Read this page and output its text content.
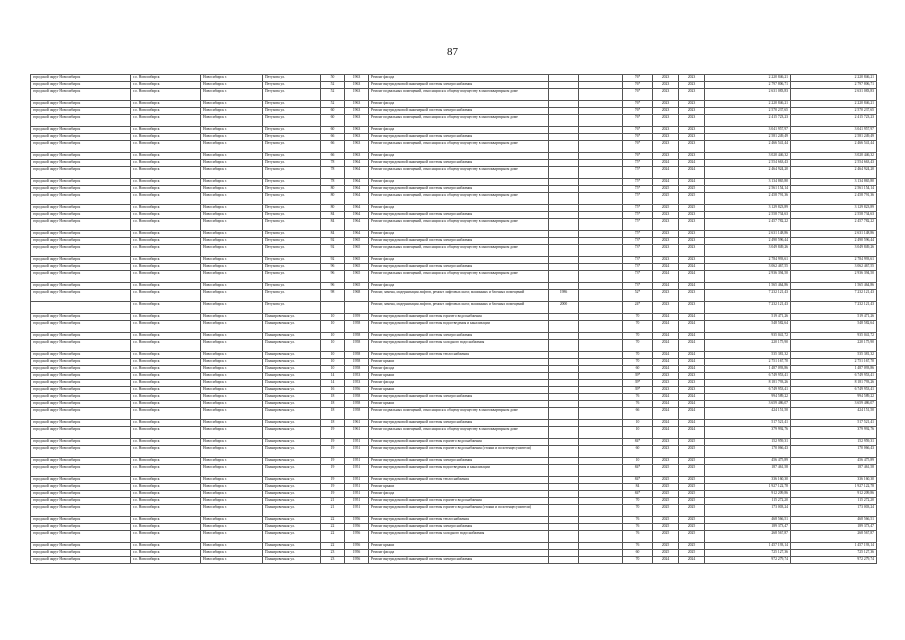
87
городской округ Новосибирск	г.о. Новосибирск	Новосибирск г.	Петухова ул.	50	1963	Ремонт фасада			76*	2023	2023	2 220 846,21	2 220 846,21
городской округ Новосибирск	г.о. Новосибирск	Новосибирск г.	Петухова ул.	52	1963	Ремонт внутридомовой инженерной системы электроснабжения			76*	2023	2023	2 797 806,71	2 797 806,71
городской округ Новосибирск	г.о. Новосибирск	Новосибирск г.	Петухова ул.	52	1963	Ремонт подвальных помещений, относящихся к общему имуществу в многоквартирном доме			76*	2023	2023	2 631 083,83	2 631 083,83
городской округ Новосибирск	г.о. Новосибирск	Новосибирск г.	Петухова ул.	52	1963	Ремонт фасада			76*	2023	2023	2 220 846,21	2 220 846,21
городской округ Новосибирск	г.о. Новосибирск	Новосибирск г.	Петухова ул.	60	1963	Ремонт внутридомовой инженерной системы электроснабжения			76*	2023	2023	2 570 237,65	2 570 237,65
городской округ Новосибирск	г.о. Новосибирск	Новосибирск г.	Петухова ул.	60	1963	Ремонт подвальных помещений, относящихся к общему имуществу в многоквартирном доме			76*	2023	2023	2 415 723,23	2 415 723,23
городской округ Новосибирск	г.о. Новосибирск	Новосибирск г.	Петухова ул.	60	1963	Ремонт фасада			76*	2023	2023	3 041 957,97	3 041 957,97
городской округ Новосибирск	г.о. Новосибирск	Новосибирск г.	Петухова ул.	66	1963	Ремонт внутридомовой инженерной системы электроснабжения			76*	2023	2023	2 581 249,49	2 581 249,49
городской округ Новосибирск	г.о. Новосибирск	Новосибирск г.	Петухова ул.	66	1963	Ремонт подвальных помещений, относящихся к общему имуществу в многоквартирном доме			76*	2023	2023	2 466 541,44	2 466 541,44
городской округ Новосибирск	г.о. Новосибирск	Новосибирск г.	Петухова ул.	66	1963	Ремонт фасада			76*	2023	2023	3 020 446,32	3 020 446,32
городской округ Новосибирск	г.о. Новосибирск	Новосибирск г.	Петухова ул.	78	1964	Ремонт внутридомовой инженерной системы электроснабжения			75*	2024	2024	2 554 663,43	2 554 663,43
городской округ Новосибирск	г.о. Новосибирск	Новосибирск г.	Петухова ул.	78	1964	Ремонт подвальных помещений, относящихся к общему имуществу в многоквартирном доме			75*	2024	2024	2 464 924,20	2 464 924,20
городской округ Новосибирск	г.о. Новосибирск	Новосибирск г.	Петухова ул.	78	1964	Ремонт фасада			75*	2024	2024	3 134 865,80	3 134 865,80
городской округ Новосибирск	г.о. Новосибирск	Новосибирск г.	Петухова ул.	80	1964	Ремонт внутридомовой инженерной системы электроснабжения			75*	2025	2025	2 561 154,14	2 561 154,14
городской округ Новосибирск	г.о. Новосибирск	Новосибирск г.	Петухова ул.	80	1964	Ремонт подвальных помещений, относящихся к общему имуществу в многоквартирном доме			75*	2025	2025	2 458 791,36	2 458 791,36
городской округ Новосибирск	г.о. Новосибирск	Новосибирск г.	Петухова ул.	80	1964	Ремонт фасада			75*	2025	2025	3 129 823,89	3 129 823,89
городской округ Новосибирск	г.о. Новосибирск	Новосибирск г.	Петухова ул.	84	1964	Ремонт внутридомовой инженерной системы электроснабжения			75*	2023	2023	2 558 734,63	2 558 734,63
городской округ Новосибирск	г.о. Новосибирск	Новосибирск г.	Петухова ул.	84	1964	Ремонт подвальных помещений, относящихся к общему имуществу в многоквартирном доме			75*	2023	2023	2 457 782,22	2 457 782,22
городской округ Новосибирск	г.о. Новосибирск	Новосибирск г.	Петухова ул.	84	1964	Ремонт фасада			75*	2023	2023	2 631 148,86	2 631 148,86
городской округ Новосибирск	г.о. Новосибирск	Новосибирск г.	Петухова ул.	92	1965	Ремонт внутридомовой инженерной системы электроснабжения			73*	2023	2023	2 490 596,44	2 490 596,44
городской округ Новосибирск	г.о. Новосибирск	Новосибирск г.	Петухова ул.	92	1965	Ремонт подвальных помещений, относящихся к общему имуществу в многоквартирном доме			73*	2023	2023	3 049 849,26	3 049 849,26
городской округ Новосибирск	г.о. Новосибирск	Новосибирск г.	Петухова ул.	92	1965	Ремонт фасада			73*	2023	2023	2 784 993,61	2 784 993,61
городской округ Новосибирск	г.о. Новосибирск	Новосибирск г.	Петухова ул.	96	1965	Ремонт внутридомовой инженерной системы электроснабжения			73*	2024	2024	3 062 467,55	3 062 467,55
городской округ Новосибирск	г.о. Новосибирск	Новосибирск г.	Петухова ул.	96	1965	Ремонт подвальных помещений, относящихся к общему имуществу в многоквартирном доме			73*	2024	2024	2 936 394,50	2 936 394,50
городской округ Новосибирск	г.о. Новосибирск	Новосибирск г.	Петухова ул.	96	1965	Ремонт фасада			73*	2024	2024	1 565 464,86	1 565 464,86
городской округ Новосибирск	г.о. Новосибирск	Новосибирск г.	Петухова ул.	98	1968	Ремонт, замена, модернизация лифтов, ремонт лифтовых шахт, машинных и блочных помещений	1986		52*	2023	2023	7 232 121,43	7 232 121,43
	г.о. Новосибирск	Новосибирск г.	Петухова ул.			Ремонт, замена, модернизация лифтов, ремонт лифтовых шахт, машинных и блочных помещений	2000		24*	2023	2023	7 232 121,43	7 232 121,43
городской округ Новосибирск	г.о. Новосибирск	Новосибирск г.	Планировочная ул.	10	1959	Ремонт внутридомовой инженерной системы горячего водоснабжения			70	2024	2024	519 471,26	519 471,26
городской округ Новосибирск	г.о. Новосибирск	Новосибирск г.	Планировочная ул.	10	1958	Ремонт внутридомовой инженерной системы водоотведения и канализации			70	2024	2024	548 582,64	548 582,64
городской округ Новосибирск	г.о. Новосибирск	Новосибирск г.	Планировочная ул.	10	1958	Ремонт внутридомовой инженерной системы электроснабжения			70	2024	2024	935 041,72	935 041,72
городской округ Новосибирск	г.о. Новосибирск	Новосибирск г.	Планировочная ул.	10	1958	Ремонт внутридомовой инженерной системы холодного водоснабжения			70	2024	2024	220 175,90	220 175,90
городской округ Новосибирск	г.о. Новосибирск	Новосибирск г.	Планировочная ул.	10	1958	Ремонт внутридомовой инженерной системы теплоснабжения			70	2024	2024	535 381,32	535 381,32
городской округ Новосибирск	г.о. Новосибирск	Новосибирск г.	Планировочная ул.	10	1958	Ремонт крыши			70	2024	2024	2 751 167,70	2 751 167,70
городской округ Новосибирск	г.о. Новосибирск	Новосибирск г.	Планировочная ул.	10	1958	Ремонт фасада			60	2024	2024	1 487 093,86	1 487 093,86
городской округ Новосибирск	г.о. Новосибирск	Новосибирск г.	Планировочная ул.	14	1953	Ремонт крыши			39*	2023	2023	6 749 953,41	6 749 953,41
городской округ Новосибирск	г.о. Новосибирск	Новосибирск г.	Планировочная ул.	14	1953	Ремонт фасада			39*	2023	2023	8 181 793,26	8 181 793,26
городской округ Новосибирск	г.о. Новосибирск	Новосибирск г.	Планировочная ул.	16	1956	Ремонт крыши			39*	2023	2023	6 749 953,41	6 749 953,41
городской округ Новосибирск	г.о. Новосибирск	Новосибирск г.	Планировочная ул.	18	1958	Ремонт внутридомовой инженерной системы электроснабжения			76	2024	2024	994 589,22	994 589,22
городской округ Новосибирск	г.о. Новосибирск	Новосибирск г.	Планировочная ул.	18	1958	Ремонт крыши			76	2024	2024	3 659 486,07	3 659 486,07
городской округ Новосибирск	г.о. Новосибирск	Новосибирск г.	Планировочная ул.	18	1958	Ремонт подвальных помещений, относящихся к общему имуществу в многоквартирном доме			66	2024	2024	424 151,50	424 151,50
городской округ Новосибирск	г.о. Новосибирск	Новосибирск г.	Планировочная ул.	18	1961	Ремонт внутридомовой инженерной системы электроснабжения			10	2024	2024	517 521,41	517 521,41
городской округ Новосибирск	г.о. Новосибирск	Новосибирск г.	Планировочная ул.	19	1961	Ремонт подвальных помещений, относящихся к общему имуществу в многоквартирном доме			10	2024	2024	379 992,76	379 992,76
городской округ Новосибирск	г.о. Новосибирск	Новосибирск г.	Планировочная ул.	19	1951	Ремонт внутридомовой инженерной системы горячего водоснабжения			84*	2023	2025	152 959,31	152 959,31
городской округ Новосибирск	г.о. Новосибирск	Новосибирск г.	Планировочная ул.	19	1951	Ремонт внутридомовой инженерной системы горячего водоснабжения (стояки и полотенцесушители)			60	2023	2025	170 066,43	170 066,43
городской округ Новосибирск	г.о. Новосибирск	Новосибирск г.	Планировочная ул.	19	1951	Ремонт внутридомовой инженерной системы электроснабжения			10	2023	2025	456 475,89	456 475,89
городской округ Новосибирск	г.о. Новосибирск	Новосибирск г.	Планировочная ул.	19	1951	Ремонт внутридомовой инженерной системы водоотведения и канализации			84*	2025	2025	187 461,58	187 461,58
городской округ Новосибирск	г.о. Новосибирск	Новосибирск г.	Планировочная ул.	19	1951	Ремонт внутридомовой инженерной системы теплоснабжения			84*	2025	2025	336 160,30	336 160,30
городской округ Новосибирск	г.о. Новосибирск	Новосибирск г.	Планировочная ул.	19	1951	Ремонт крыши			84	2025	2025	1 927 122,78	1 927 122,78
городской округ Новосибирск	г.о. Новосибирск	Новосибирск г.	Планировочная ул.	19	1951	Ремонт фасада			84*	2025	2025	912 209,86	912 209,86
городской округ Новосибирск	г.о. Новосибирск	Новосибирск г.	Планировочная ул.	21	1951	Ремонт внутридомовой инженерной системы горячего водоснабжения			70	2025	2025	115 272,20	115 272,20
городской округ Новосибирск	г.о. Новосибирск	Новосибирск г.	Планировочная ул.	21	1951	Ремонт внутридомовой инженерной системы горячего водоснабжения (стояки и полотенцесушители)			70	2025	2025	173 003,24	173 003,24
городской округ Новосибирск	г.о. Новосибирск	Новосибирск г.	Планировочная ул.	22	1956	Ремонт внутридомовой инженерной системы теплоснабжения			76	2025	2025	468 566,51	468 566,51
городской округ Новосибирск	г.о. Новосибирск	Новосибирск г.	Планировочная ул.	22	1956	Ремонт внутридомовой инженерной системы электроснабжения			76	2025	2025	189 373,47	189 373,47
городской округ Новосибирск	г.о. Новосибирск	Новосибирск г.	Планировочная ул.	22	1956	Ремонт внутридомовой инженерной системы холодного водоснабжения			76	2025	2025	268 567,87	268 567,87
городской округ Новосибирск	г.о. Новосибирск	Новосибирск г.	Планировочная ул.	22	1956	Ремонт крыши			76	2025	2025	1 457 193,14	1 457 193,14
городской округ Новосибирск	г.о. Новосибирск	Новосибирск г.	Планировочная ул.	23	1956	Ремонт фасада			60	2025	2025	725 127,36	725 127,36
городской округ Новосибирск	г.о. Новосибирск	Новосибирск г.	Планировочная ул.	23	1956	Ремонт внутридомовой инженерной системы электроснабжения			70	2024	2024	972 279,74	972 279,74
